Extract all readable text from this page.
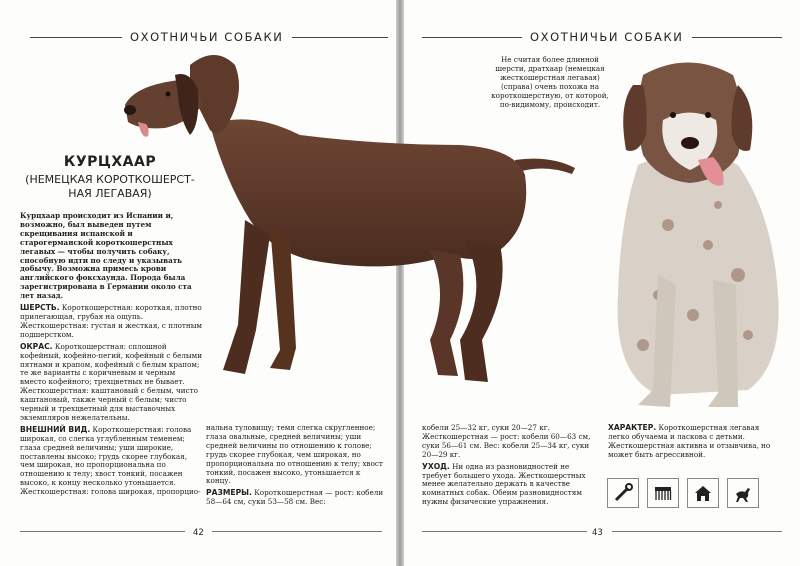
ОХОТНИЧЬИ СОБАКИ
КУРЦХААР
(НЕМЕЦКАЯ КОРОТКОШЕРСТ-НАЯ ЛЕГАВАЯ)

Курцхаар происходит из Испании и, возможно, был выведен путем скрещивания испанской и старогерманской короткошерстных легавых — чтобы получить собаку, способную идти по следу и указывать добычу. Возможна примесь крови английского фоксхаунда. Порода была зарегистрирована в Германии около ста лет назад.

ШЕРСТЬ. Короткошерстная: короткая, плотно прилегающая, грубая на ощупь. Жесткошерстная: густая и жесткая, с плотным подшерстком.

ОКРАС. Короткошерстная: сплошной кофейный, кофейно-пегий, кофейный с белыми пятнами и крапом, кофейный с белым крапом; те же варианты с коричневым и черным вместо кофейного; трехцветных не бывает. Жесткошерстная: каштановый с белым, чисто каштановый, также черный с белым; чисто черный и трехцветный для выставочных экземпляров нежелательны.

ВНЕШНИЙ ВИД. Короткошерстная: голова широкая, со слегка углубленным теменем; глаза средней величины; уши широкие, поставлены высоко; грудь скорее глубокая, чем широкая, но пропорциональна по отношению к телу; хвост тонкий, посажен высоко, к концу несколько утоньшается. Жесткошерстная: голова широкая, пропорцио-

нальна туловищу; темя слегка скругленное; глаза овальные, средней величины; уши средней величины по отношению к голове; грудь скорее глубокая, чем широкая, но пропорциональна по отношению к телу; хвост тонкий, посажен высоко, утоньшается к концу.

РАЗМЕРЫ. Короткошерстная — рост: кобели 58—64 см, суки 53—58 см. Вес:

42
ОХОТНИЧЬИ СОБАКИ
Не считая более длинной шерсти, дратхаар (немецкая жесткошерстная легавая) (справа) очень похожа на короткошерстную, от которой, по-видимому, происходит.

кобели 25—32 кг, суки 20—27 кг. Жесткошерстная — рост: кобели 60—63 см, суки 56—61 см. Вес: кобели 25—34 кг, суки 20—29 кг.

УХОД. Ни одна из разновидностей не требует большего ухода. Жесткошерстных менее желательно держать в качестве комнатных собак. Обеим разновидностям нужны физические упражнения.

ХАРАКТЕР. Короткошерстная легавая легко обучаема и ласкова с детьми. Жесткошерстная активна и отзывчива, но может быть агрессивной.

43
